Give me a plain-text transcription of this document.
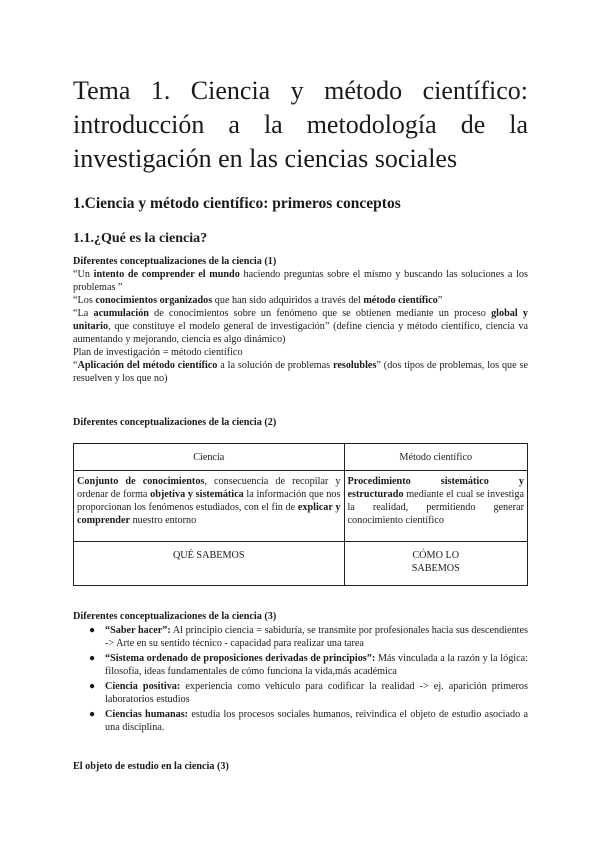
Tema 1. Ciencia y método científico:
introducción a la metodología de la
investigación en las ciencias sociales
1.Ciencia y método científico: primeros conceptos
1.1.¿Qué es la ciencia?

Diferentes conceptualizaciones de la ciencia (1)

“Un intento de comprender el mundo haciendo preguntas sobre el mismo y buscando las soluciones a los problemas ”

“Los conocimientos organizados que han sido adquiridos a través del método científico”

“La acumulación de conocimientos sobre un fenómeno que se obtienen mediante un proceso global y unitario, que constituye el modelo general de investigación” (define ciencia y método científico, ciencia va aumentando y mejorando, ciencia es algo dinámico)

Plan de investigación = método científico

“Aplicación del método científico a la solución de problemas resolubles” (dos tipos de problemas, los que se resuelven y los que no)

Diferentes conceptualizaciones de la ciencia (2)

Ciencia	Método científico
Conjunto de conocimientos, consecuencia de recopilar y ordenar de forma objetiva y sistemática la información que nos proporcionan los fenómenos estudiados, con el fin de explicar y comprender nuestro entorno	Procedimiento sistemático y estructurado mediante el cual se investiga la realidad, permitiendo generar conocimiento científico
QUÉ SABEMOS	CÓMO LO SABEMOS

Diferentes conceptualizaciones de la ciencia (3)

● “Saber hacer”: Al principio ciencia = sabiduría, se transmite por profesionales hacia sus descendientes -> Arte en su sentido técnico - capacidad para realizar una tarea
● “Sistema ordenado de proposiciones derivadas de principios”: Más vinculada a la razón y la lógica: filosofía, ideas fundamentales de cómo funciona la vida,más académica
● Ciencia positiva: experiencia como vehículo para codificar la realidad -> ej. aparición primeros laboratorios estudios
● Ciencias humanas: estudia los procesos sociales humanos, reivindica el objeto de estudio asociado a una disciplina.

El objeto de estudio en la ciencia (3)
